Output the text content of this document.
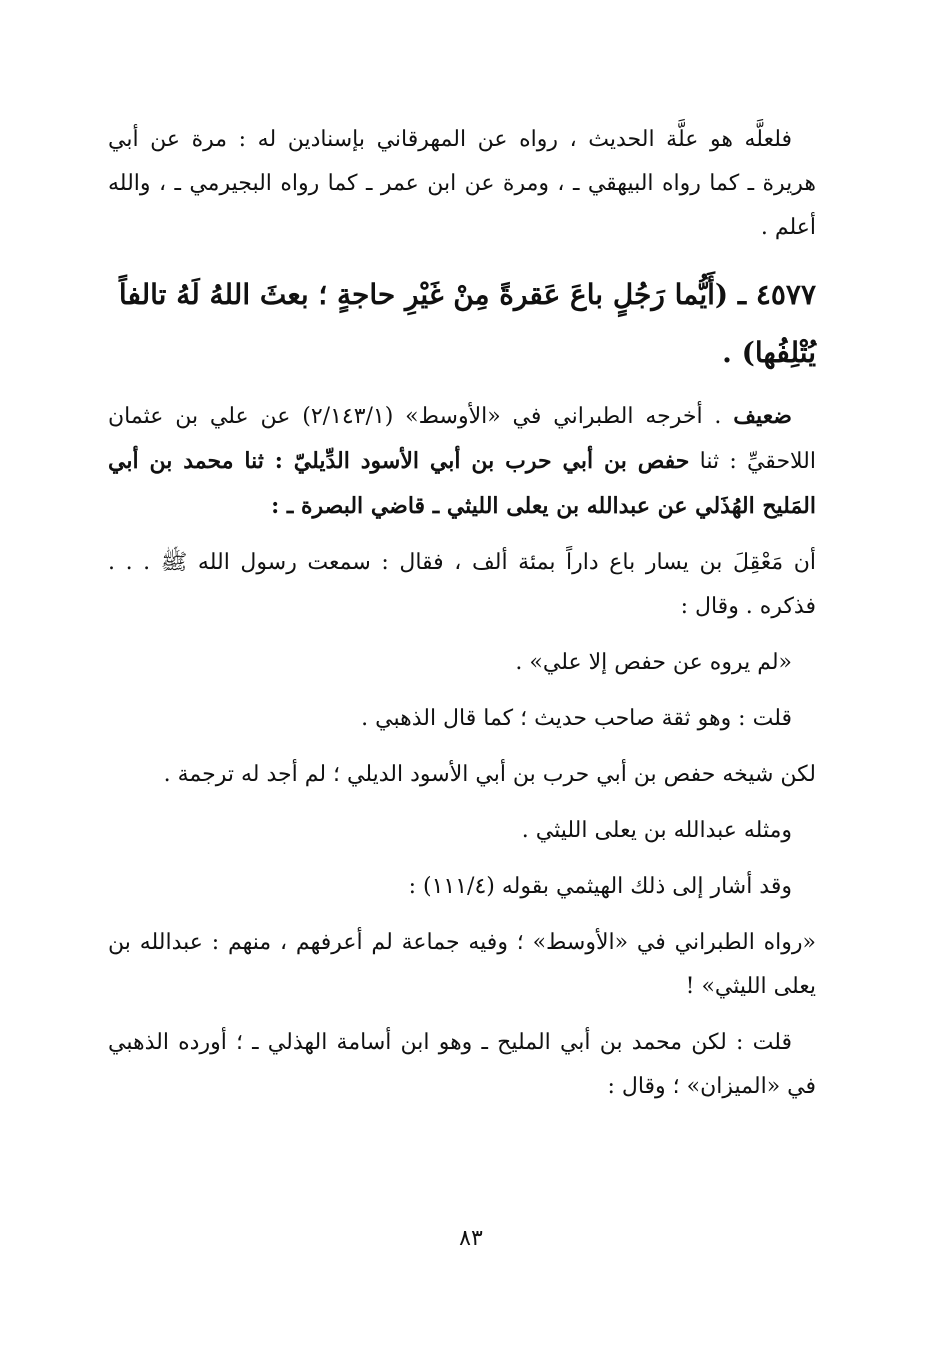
فلعلَّه هو علَّة الحديث ، رواه عن المهرقاني بإسنادين له : مرة عن أبي هريرة ـ كما رواه البيهقي ـ ، ومرة عن ابن عمر ـ كما رواه البجيرمي ـ ، والله أعلم .

٤٥٧٧ ـ (أَيُّما رَجُلٍ باعَ عَقرةً مِنْ غَيْرِ حاجةٍ ؛ بعثَ اللهُ لَهُ تالفاً يُتْلِفُها) .

ضعيف . أخرجه الطبراني في «الأوسط» (٢/١٤٣/١) عن علي بن عثمان اللاحقيِّ : ثنا حفص بن أبي حرب بن أبي الأسود الدِّيليّ : ثنا محمد بن أبي المَليح الهُذَلي عن عبدالله بن يعلى الليثي ـ قاضي البصرة ـ :

أن مَعْقِلَ بن يسار باع داراً بمئة ألف ، فقال : سمعت رسول الله ﷺ . . . فذكره . وقال :

«لم يروه عن حفص إلا علي» .

قلت : وهو ثقة صاحب حديث ؛ كما قال الذهبي .

لكن شيخه حفص بن أبي حرب بن أبي الأسود الديلي ؛ لم أجد له ترجمة .

ومثله عبدالله بن يعلى الليثي .

وقد أشار إلى ذلك الهيثمي بقوله (١١١/٤) :

«رواه الطبراني في «الأوسط» ؛ وفيه جماعة لم أعرفهم ، منهم : عبدالله بن يعلى الليثي» !

قلت : لكن محمد بن أبي المليح ـ وهو ابن أسامة الهذلي ـ ؛ أورده الذهبي في «الميزان» ؛ وقال :

٨٣
